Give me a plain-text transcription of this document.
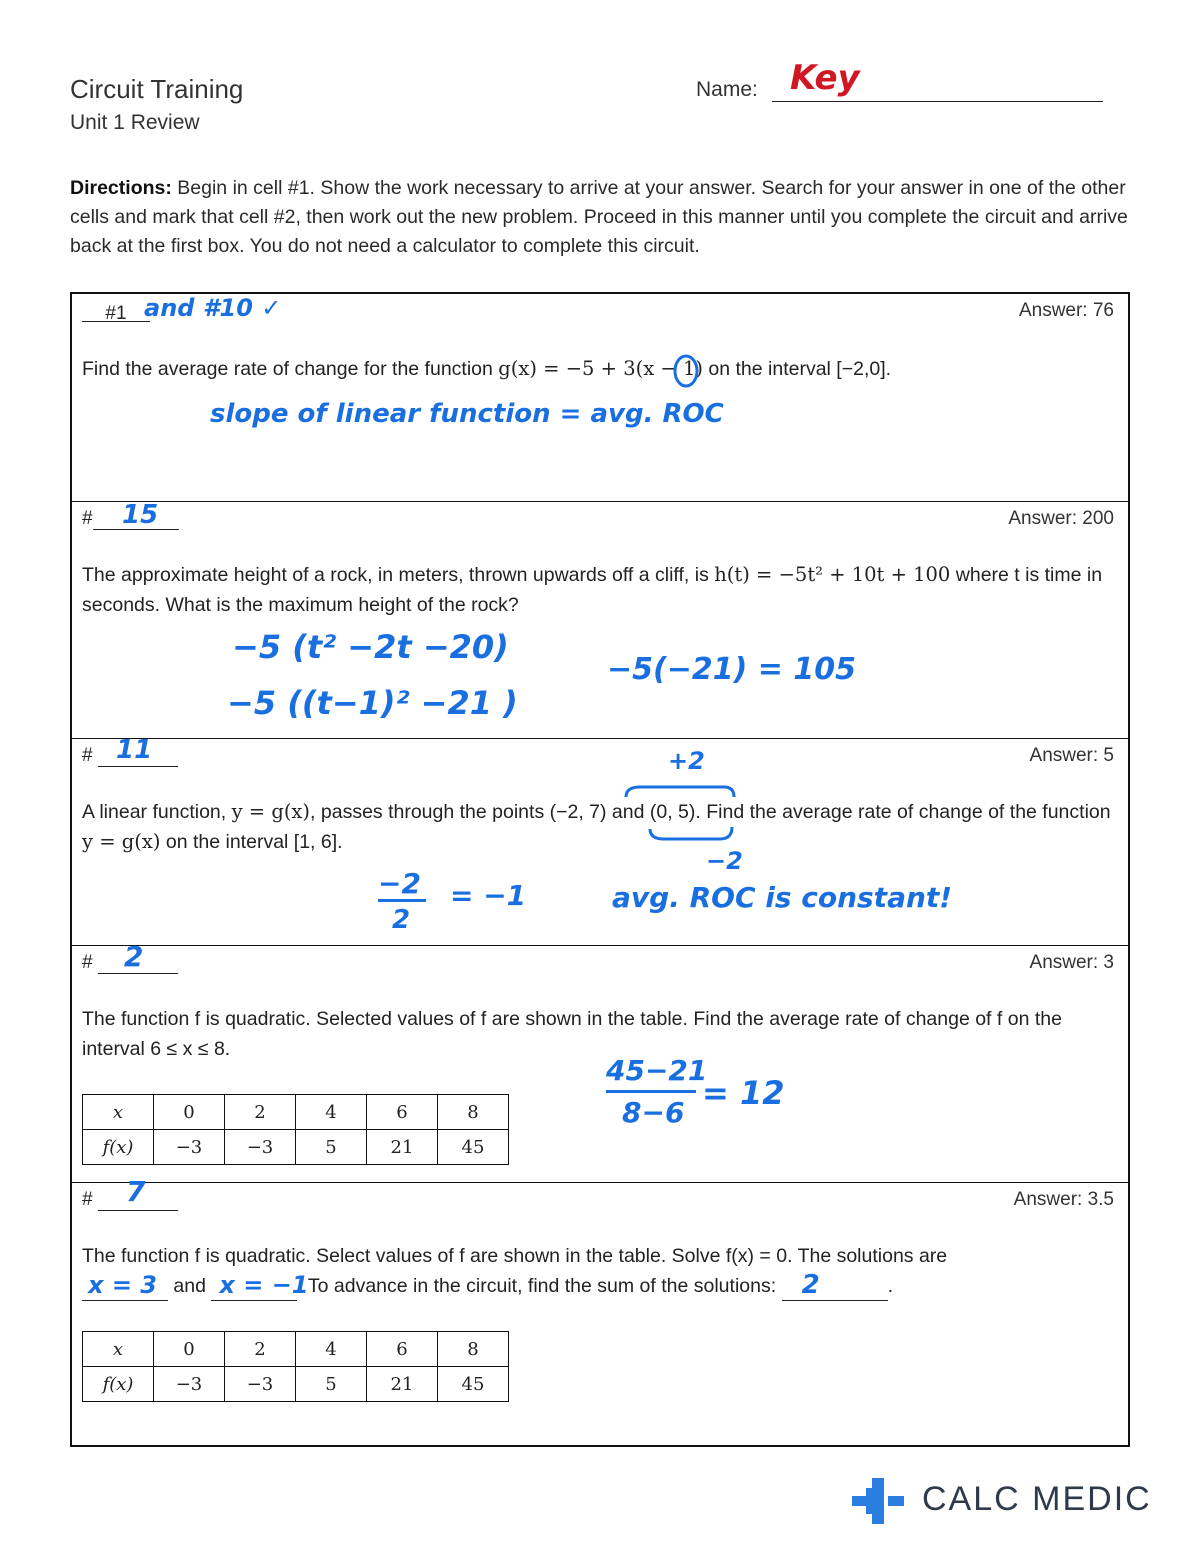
Circuit Training
Unit 1 Review
Name: Key
Directions: Begin in cell #1. Show the work necessary to arrive at your answer. Search for your answer in one of the other cells and mark that cell #2, then work out the new problem. Proceed in this manner until you complete the circuit and arrive back at the first box. You do not need a calculator to complete this circuit.
#1 and #10 ✓	Answer: 76
Find the average rate of change for the function g(x) = −5 + 3(x − 1) on the interval [−2,0].
slope of linear function = avg. ROC
#	15	Answer: 200
The approximate height of a rock, in meters, thrown upwards off a cliff, is h(t) = −5t² + 10t + 100 where t is time in seconds. What is the maximum height of the rock?
−5 (t² −2t −20)
−5 ((t−1)² −21 )
−5(−21) = 105
# 11	Answer: 5
A linear function, y = g(x), passes through the points (−2, 7) and (0, 5). Find the average rate of change of the function y = g(x) on the interval [1, 6].
+2
−2
−2
2
= −1	avg. ROC is constant!
#	2	Answer: 3
The function f is quadratic. Selected values of f are shown in the table. Find the average rate of change of f on the interval 6 ≤ x ≤ 8.
x	0	2	4	6	8
f(x)	−3	−3	5	21	45
45−21
8−6
= 12
#	7	Answer: 3.5
The function f is quadratic. Select values of f are shown in the table. Solve f(x) = 0. The solutions are

x = 3 and x = −1
. To advance in the circuit, find the sum of the solutions: 2	.
x	0	2	4	6	8
f(x)	−3	−3	5	21	45
CALC MEDIC
